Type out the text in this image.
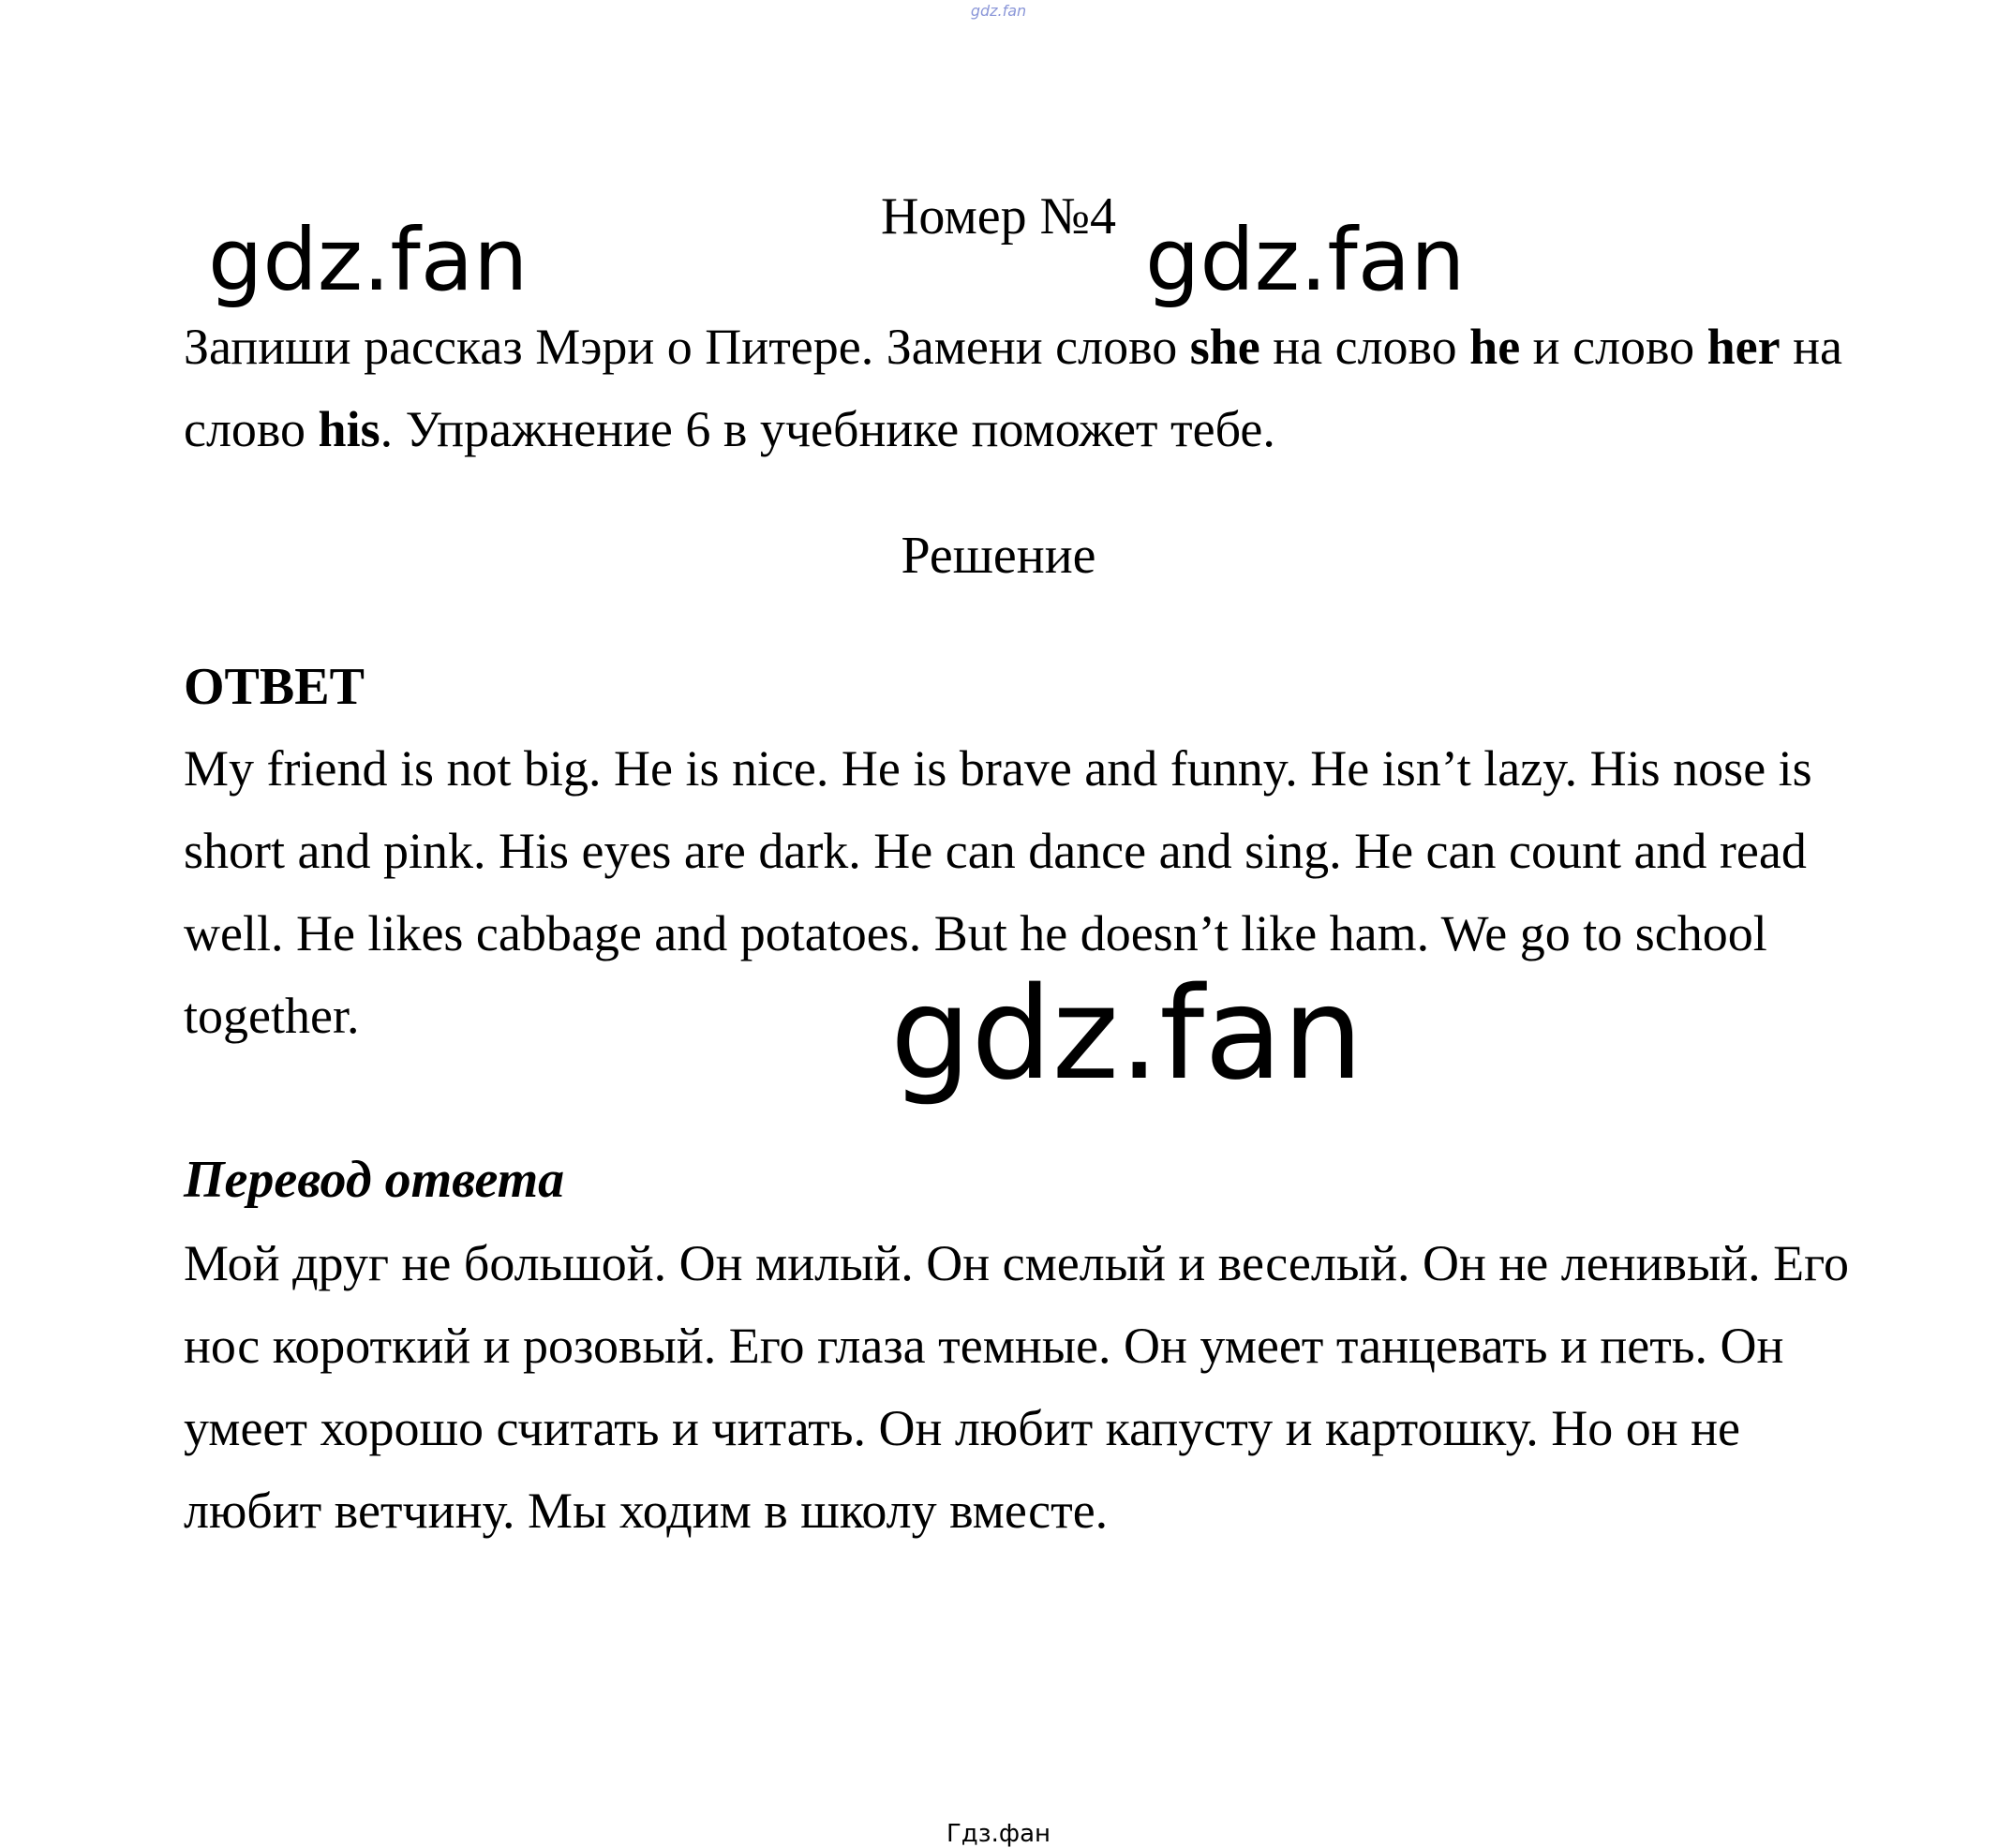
gdz.fan
Номер №4
gdz.fan	gdz.fan

Запиши рассказ Мэри о Питере. Замени слово she на слово he и слово her на слово his. Упражнение 6 в учебнике поможет тебе.

Решение
ОТВЕТ

My friend is not big. He is nice. He is brave and funny. He isn’t lazy. His nose is short and pink. His eyes are dark. He can dance and sing. He can count and read well. He likes cabbage and potatoes. But he doesn’t like ham. We go to school together.	gdz.fan
Перевод ответа

Мой друг не большой. Он милый. Он смелый и веселый. Он не ленивый. Его нос короткий и розовый. Его глаза темные. Он умеет танцевать и петь. Он умеет хорошо считать и читать. Он любит капусту и картошку. Но он не любит ветчину. Мы ходим в школу вместе.

Гдз.фан
